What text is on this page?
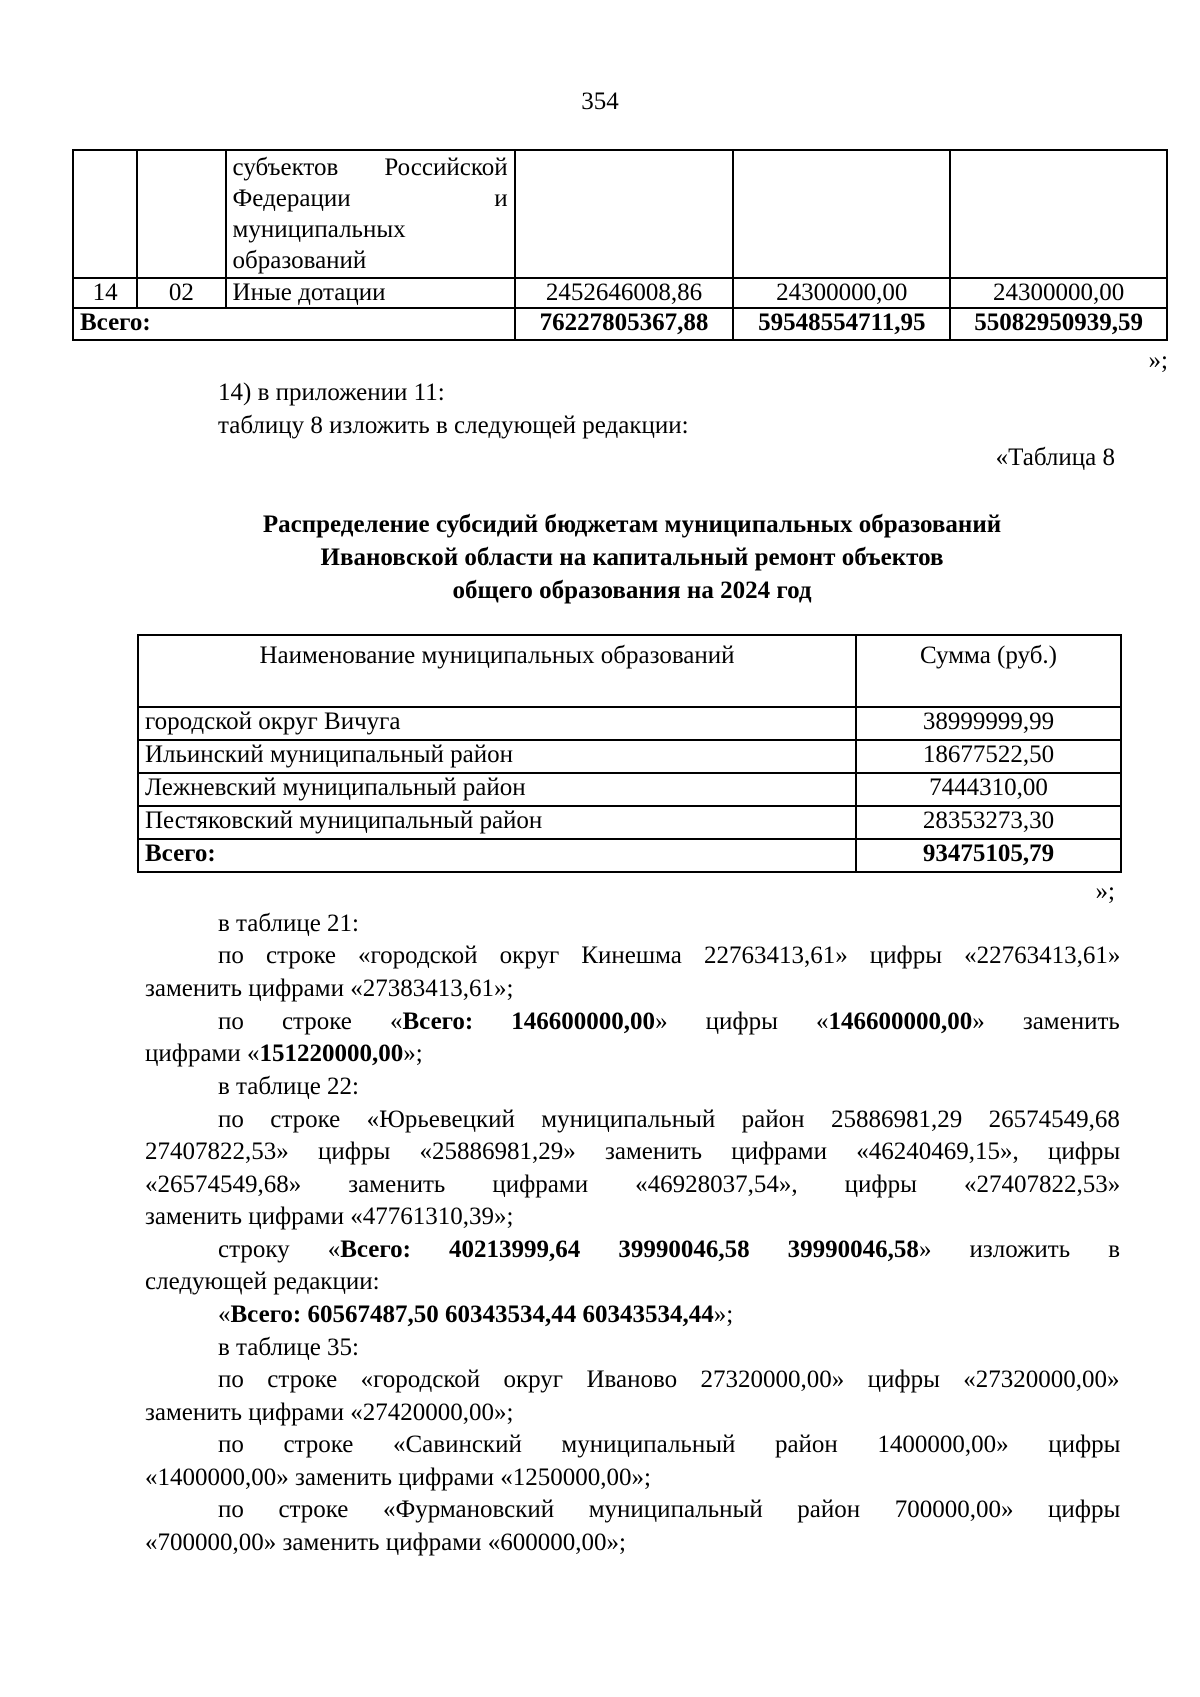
354
		субъектов Российской Федерации и муниципальных образований			
14	02	Иные дотации	2452646008,86	24300000,00	24300000,00
Всего:			76227805367,88	59548554711,95	55082950939,59
»;
14) в приложении 11:
таблицу 8 изложить в следующей редакции:
«Таблица 8
Распределение субсидий бюджетам муниципальных образований
Ивановской области на капитальный ремонт объектов
общего образования на 2024 год
Наименование муниципальных образований	Сумма (руб.)
городской округ Вичуга	38999999,99
Ильинский муниципальный район	18677522,50
Лежневский муниципальный район	7444310,00
Пестяковский муниципальный район	28353273,30
Всего:	93475105,79
»;
в таблице 21:
по строке «городской округ Кинешма 22763413,61» цифры «22763413,61»
заменить цифрами «27383413,61»;
по строке «Всего: 146600000,00» цифры «146600000,00» заменить
цифрами «151220000,00»;
в таблице 22:
по строке «Юрьевецкий муниципальный район 25886981,29 26574549,68
27407822,53» цифры «25886981,29» заменить цифрами «46240469,15», цифры
«26574549,68» заменить цифрами «46928037,54», цифры «27407822,53»
заменить цифрами «47761310,39»;
строку «Всего: 40213999,64 39990046,58 39990046,58» изложить в
следующей редакции:
«Всего: 60567487,50 60343534,44 60343534,44»;
в таблице 35:
по строке «городской округ Иваново 27320000,00» цифры «27320000,00»
заменить цифрами «27420000,00»;
по строке «Савинский муниципальный район 1400000,00» цифры
«1400000,00» заменить цифрами «1250000,00»;
по строке «Фурмановский муниципальный район 700000,00» цифры
«700000,00» заменить цифрами «600000,00»;
